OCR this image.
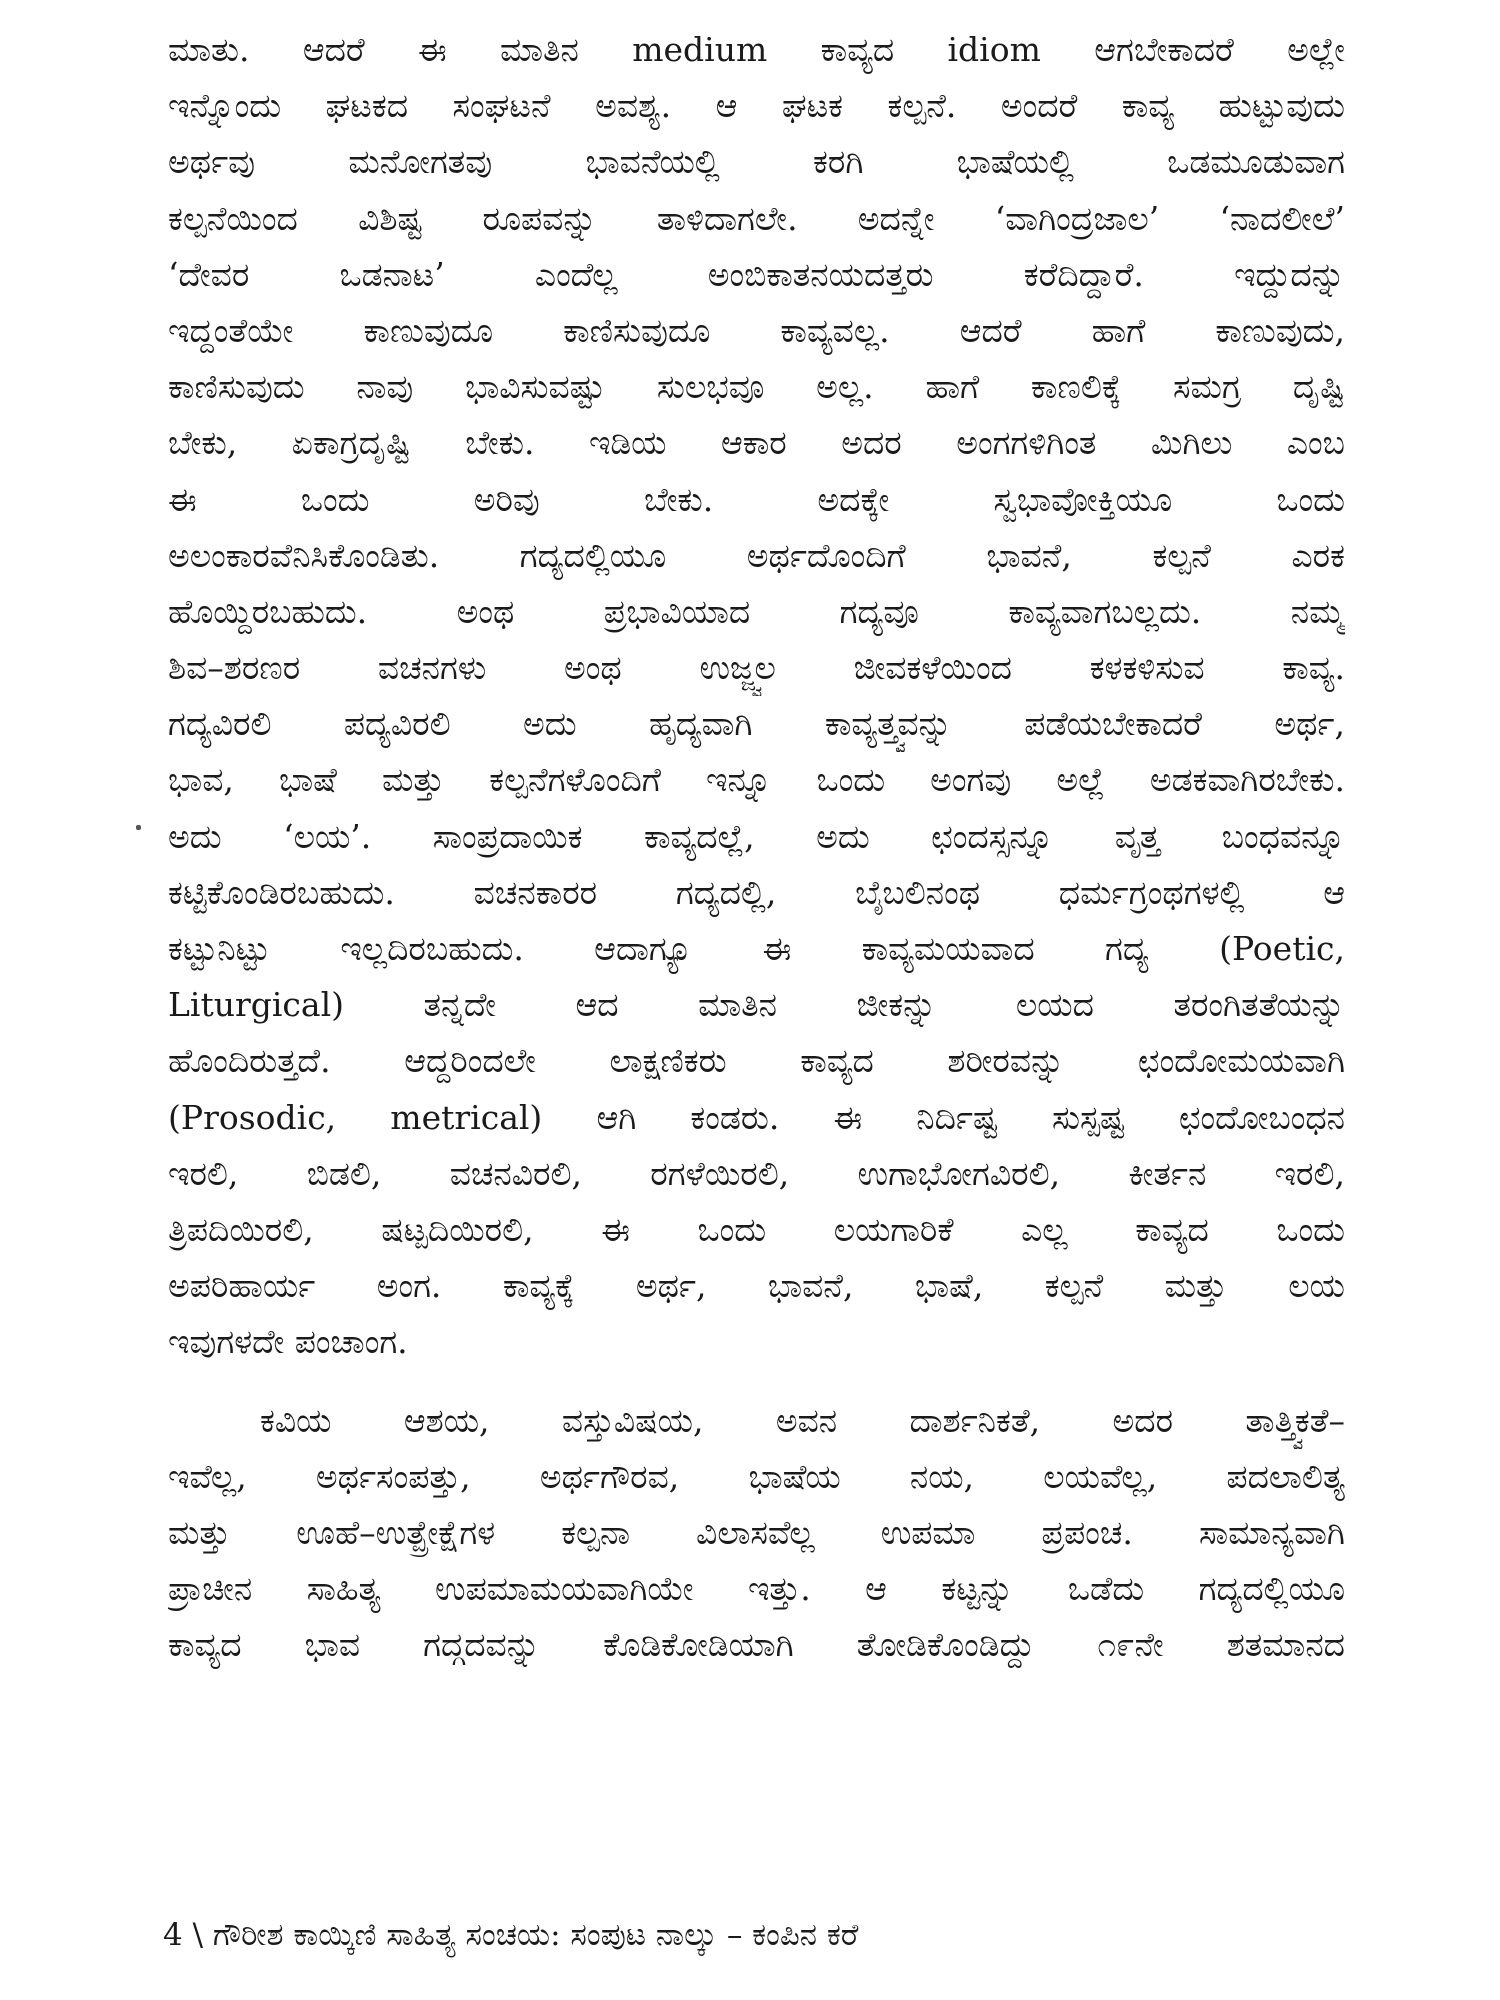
ಮಾತು. ಆದರೆ ಈ ಮಾತಿನ medium ಕಾವ್ಯದ idiom ಆಗಬೇಕಾದರೆ ಅಲ್ಲೇ
ಇನ್ನೊಂದು ಘಟಕದ ಸಂಘಟನೆ ಅವಶ್ಯ. ಆ ಘಟಕ ಕಲ್ಪನೆ. ಅಂದರೆ ಕಾವ್ಯ ಹುಟ್ಟುವುದು
ಅರ್ಥವು ಮನೋಗತವು ಭಾವನೆಯಲ್ಲಿ ಕರಗಿ ಭಾಷೆಯಲ್ಲಿ ಒಡಮೂಡುವಾಗ
ಕಲ್ಪನೆಯಿಂದ ವಿಶಿಷ್ಟ ರೂಪವನ್ನು ತಾಳಿದಾಗಲೇ. ಅದನ್ನೇ ‘ವಾಗಿಂದ್ರಜಾಲ’ ‘ನಾದಲೀಲೆ’
‘ದೇವರ ಒಡನಾಟ’ ಎಂದೆಲ್ಲ ಅಂಬಿಕಾತನಯದತ್ತರು ಕರೆದಿದ್ದಾರೆ. ಇದ್ದುದನ್ನು
ಇದ್ದಂತೆಯೇ ಕಾಣುವುದೂ ಕಾಣಿಸುವುದೂ ಕಾವ್ಯವಲ್ಲ. ಆದರೆ ಹಾಗೆ ಕಾಣುವುದು,
ಕಾಣಿಸುವುದು ನಾವು ಭಾವಿಸುವಷ್ಟು ಸುಲಭವೂ ಅಲ್ಲ. ಹಾಗೆ ಕಾಣಲಿಕ್ಕೆ ಸಮಗ್ರ ದೃಷ್ಟಿ
ಬೇಕು, ಏಕಾಗ್ರದೃಷ್ಟಿ ಬೇಕು. ಇಡಿಯ ಆಕಾರ ಅದರ ಅಂಗಗಳಿಗಿಂತ ಮಿಗಿಲು ಎಂಬ
ಈ ಒಂದು ಅರಿವು ಬೇಕು. ಅದಕ್ಕೇ ಸ್ವಭಾವೋಕ್ತಿಯೂ ಒಂದು
ಅಲಂಕಾರವೆನಿಸಿಕೊಂಡಿತು. ಗದ್ಯದಲ್ಲಿಯೂ ಅರ್ಥದೊಂದಿಗೆ ಭಾವನೆ, ಕಲ್ಪನೆ ಎರಕ
ಹೊಯ್ದಿರಬಹುದು. ಅಂಥ ಪ್ರಭಾವಿಯಾದ ಗದ್ಯವೂ ಕಾವ್ಯವಾಗಬಲ್ಲದು. ನಮ್ಮ
ಶಿವ–ಶರಣರ ವಚನಗಳು ಅಂಥ ಉಜ್ಜ್ವಲ ಜೀವಕಳೆಯಿಂದ ಕಳಕಳಿಸುವ ಕಾವ್ಯ.
ಗದ್ಯವಿರಲಿ ಪದ್ಯವಿರಲಿ ಅದು ಹೃದ್ಯವಾಗಿ ಕಾವ್ಯತ್ತ್ವವನ್ನು ಪಡೆಯಬೇಕಾದರೆ ಅರ್ಥ,
ಭಾವ, ಭಾಷೆ ಮತ್ತು ಕಲ್ಪನೆಗಳೊಂದಿಗೆ ಇನ್ನೂ ಒಂದು ಅಂಗವು ಅಲ್ಲೆ ಅಡಕವಾಗಿರಬೇಕು.
ಅದು ‘ಲಯ’. ಸಾಂಪ್ರದಾಯಿಕ ಕಾವ್ಯದಲ್ಲೆ, ಅದು ಛಂದಸ್ಸನ್ನೂ ವೃತ್ತ ಬಂಧವನ್ನೂ
ಕಟ್ಟಿಕೊಂಡಿರಬಹುದು. ವಚನಕಾರರ ಗದ್ಯದಲ್ಲಿ, ಬೈಬಲಿನಂಥ ಧರ್ಮಗ್ರಂಥಗಳಲ್ಲಿ ಆ
ಕಟ್ಟುನಿಟ್ಟು ಇಲ್ಲದಿರಬಹುದು. ಆದಾಗ್ಯೂ ಈ ಕಾವ್ಯಮಯವಾದ ಗದ್ಯ (Poetic,
Liturgical) ತನ್ನದೇ ಆದ ಮಾತಿನ ಜೀಕನ್ನು ಲಯದ ತರಂಗಿತತೆಯನ್ನು
ಹೊಂದಿರುತ್ತದೆ. ಆದ್ದರಿಂದಲೇ ಲಾಕ್ಷಣಿಕರು ಕಾವ್ಯದ ಶರೀರವನ್ನು ಛಂದೋಮಯವಾಗಿ
(Prosodic, metrical) ಆಗಿ ಕಂಡರು. ಈ ನಿರ್ದಿಷ್ಟ ಸುಸ್ಪಷ್ಟ ಛಂದೋಬಂಧನ
ಇರಲಿ, ಬಿಡಲಿ, ವಚನವಿರಲಿ, ರಗಳೆಯಿರಲಿ, ಉಗಾಭೋಗವಿರಲಿ, ಕೀರ್ತನ ಇರಲಿ,
ತ್ರಿಪದಿಯಿರಲಿ, ಷಟ್ಪದಿಯಿರಲಿ, ಈ ಒಂದು ಲಯಗಾರಿಕೆ ಎಲ್ಲ ಕಾವ್ಯದ ಒಂದು
ಅಪರಿಹಾರ್ಯ ಅಂಗ. ಕಾವ್ಯಕ್ಕೆ ಅರ್ಥ, ಭಾವನೆ, ಭಾಷೆ, ಕಲ್ಪನೆ ಮತ್ತು ಲಯ
ಇವುಗಳದೇ ಪಂಚಾಂಗ.
ಕವಿಯ ಆಶಯ, ವಸ್ತುವಿಷಯ, ಅವನ ದಾರ್ಶನಿಕತೆ, ಅದರ ತಾತ್ತ್ವಿಕತೆ–
ಇವೆಲ್ಲ, ಅರ್ಥಸಂಪತ್ತು, ಅರ್ಥಗೌರವ, ಭಾಷೆಯ ನಯ, ಲಯವೆಲ್ಲ, ಪದಲಾಲಿತ್ಯ
ಮತ್ತು ಊಹೆ–ಉತ್ಪ್ರೇಕ್ಷೆಗಳ ಕಲ್ಪನಾ ವಿಲಾಸವೆಲ್ಲ ಉಪಮಾ ಪ್ರಪಂಚ. ಸಾಮಾನ್ಯವಾಗಿ
ಪ್ರಾಚೀನ ಸಾಹಿತ್ಯ ಉಪಮಾಮಯವಾಗಿಯೇ ಇತ್ತು. ಆ ಕಟ್ಟನ್ನು ಒಡೆದು ಗದ್ಯದಲ್ಲಿಯೂ
ಕಾವ್ಯದ ಭಾವ ಗದ್ಗದವನ್ನು ಕೊಡಿಕೋಡಿಯಾಗಿ ತೋಡಿಕೊಂಡಿದ್ದು ೧೯ನೇ ಶತಮಾನದ
4 \ ಗೌರೀಶ ಕಾಯ್ಕಿಣಿ ಸಾಹಿತ್ಯ ಸಂಚಯ: ಸಂಪುಟ ನಾಲ್ಕು – ಕಂಪಿನ ಕರೆ
